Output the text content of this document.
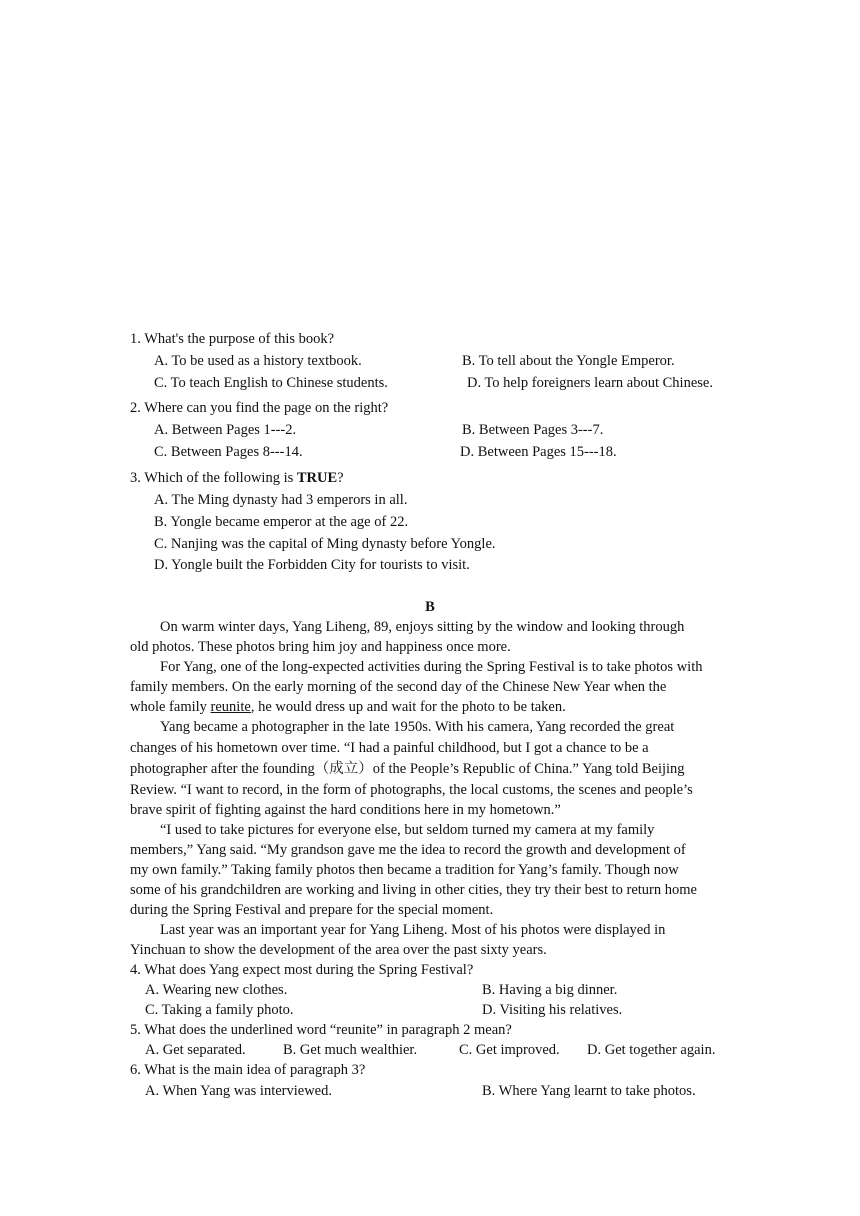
1. What's the purpose of this book?
A. To be used as a history textbook.	B. To tell about the Yongle Emperor.
C. To teach English to Chinese students.	D. To help foreigners learn about Chinese.
2. Where can you find the page on the right?
A. Between Pages 1---2.	B. Between Pages 3---7.
C. Between Pages 8---14.	D. Between Pages 15---18.
3. Which of the following is TRUE?
A. The Ming dynasty had 3 emperors in all.
B. Yongle became emperor at the age of 22.
C. Nanjing was the capital of Ming dynasty before Yongle.
D. Yongle built the Forbidden City for tourists to visit.
B
On warm winter days, Yang Liheng, 89, enjoys sitting by the window and looking through
old photos. These photos bring him joy and happiness once more.
For Yang, one of the long-expected activities during the Spring Festival is to take photos with
family members. On the early morning of the second day of the Chinese New Year when the
whole family reunite, he would dress up and wait for the photo to be taken.
Yang became a photographer in the late 1950s. With his camera, Yang recorded the great
changes of his hometown over time. “I had a painful childhood, but I got a chance to be a
photographer after the founding（成立）of the People’s Republic of China.” Yang told Beijing
Review. “I want to record, in the form of photographs, the local customs, the scenes and people’s
brave spirit of fighting against the hard conditions here in my hometown.”
“I used to take pictures for everyone else, but seldom turned my camera at my family
members,” Yang said. “My grandson gave me the idea to record the growth and development of
my own family.” Taking family photos then became a tradition for Yang’s family. Though now
some of his grandchildren are working and living in other cities, they try their best to return home
during the Spring Festival and prepare for the special moment.
Last year was an important year for Yang Liheng. Most of his photos were displayed in
Yinchuan to show the development of the area over the past sixty years.
4. What does Yang expect most during the Spring Festival?
A. Wearing new clothes.	B. Having a big dinner.
C. Taking a family photo.	D. Visiting his relatives.
5. What does the underlined word “reunite” in paragraph 2 mean?
A. Get separated.	B. Get much wealthier.	C. Get improved. D. Get together again.
6. What is the main idea of paragraph 3?
A. When Yang was interviewed.	B. Where Yang learnt to take photos.
